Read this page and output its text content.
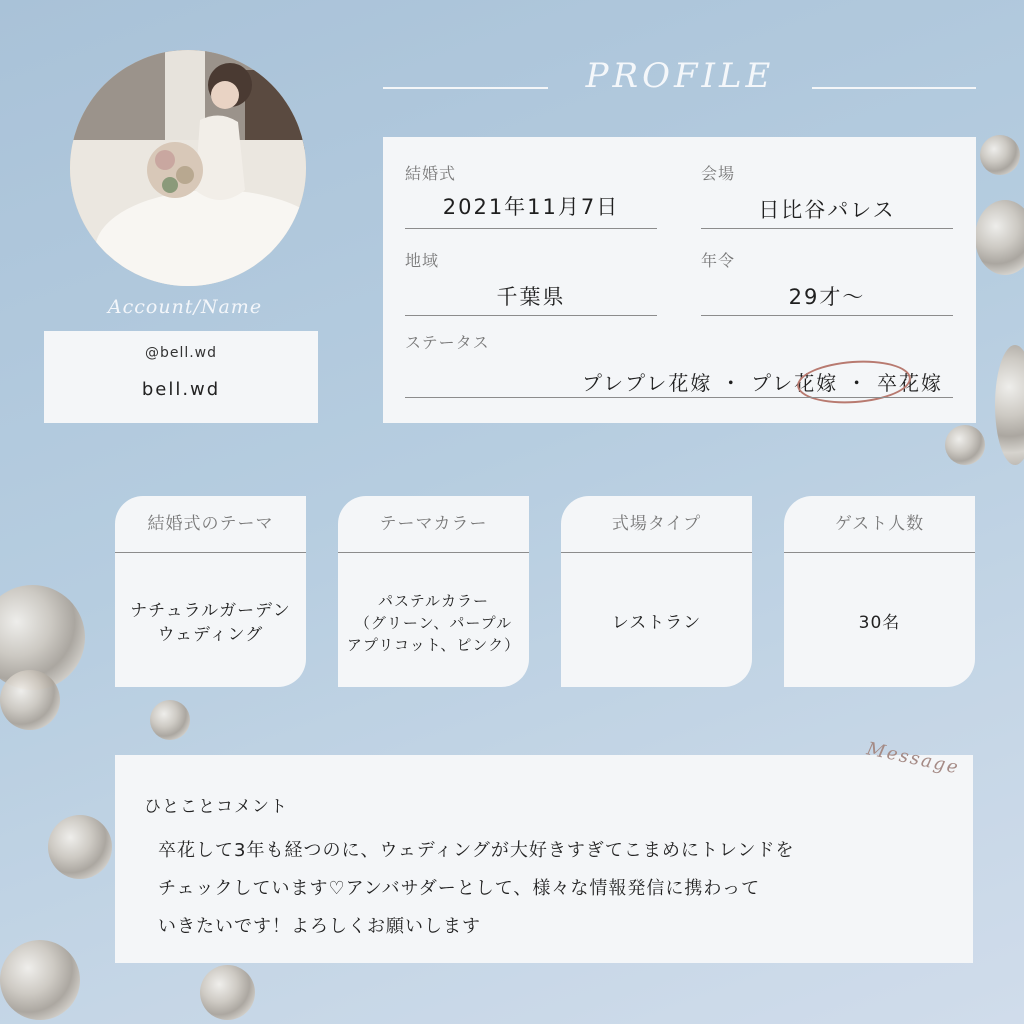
Account/Name
@bell.wd
bell.wd
PROFILE
結婚式
2021年11月7日
会場
日比谷パレス
地域
千葉県
年令
29才～
ステータス
プレプレ花嫁 ・ プレ花嫁 ・ 卒花嫁
結婚式のテーマ
ナチュラルガーデン
ウェディング
テーマカラー
パステルカラー
（グリーン、パープル
アプリコット、ピンク）
式場タイプ
レストラン
ゲスト人数
30名
Message
ひとことコメント
卒花して3年も経つのに、ウェディングが大好きすぎてこまめにトレンドを
チェックしています♡アンバサダーとして、様々な情報発信に携わって
いきたいです！よろしくお願いします
